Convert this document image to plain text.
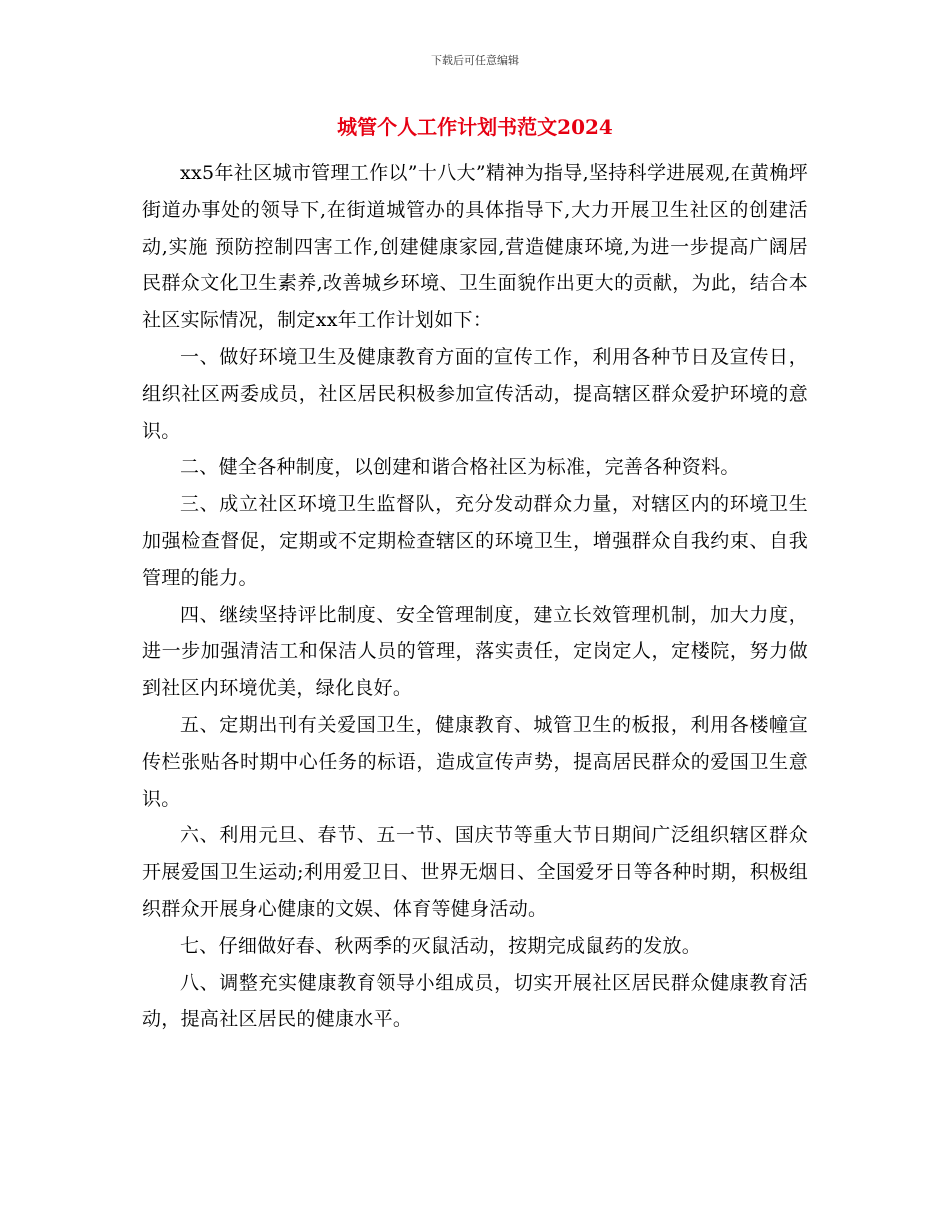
下载后可任意编辑
城管个人工作计划书范文2024

xx5年社区城市管理工作以”十八大”精神为指导,坚持科学进展观,在黄桷坪街道办事处的领导下,在街道城管办的具体指导下,大力开展卫生社区的创建活动,实施 预防控制四害工作,创建健康家园,营造健康环境,为进一步提高广阔居民群众文化卫生素养,改善城乡环境、卫生面貌作出更大的贡献，为此，结合本社区实际情况，制定xx年工作计划如下：

一、做好环境卫生及健康教育方面的宣传工作，利用各种节日及宣传日，组织社区两委成员，社区居民积极参加宣传活动，提高辖区群众爱护环境的意识。

二、健全各种制度，以创建和谐合格社区为标准，完善各种资料。

三、成立社区环境卫生监督队，充分发动群众力量，对辖区内的环境卫生加强检查督促，定期或不定期检查辖区的环境卫生，增强群众自我约束、自我管理的能力。

四、继续坚持评比制度、安全管理制度，建立长效管理机制，加大力度，进一步加强清洁工和保洁人员的管理，落实责任，定岗定人，定楼院，努力做到社区内环境优美，绿化良好。

五、定期出刊有关爱国卫生，健康教育、城管卫生的板报，利用各楼幢宣传栏张贴各时期中心任务的标语，造成宣传声势，提高居民群众的爱国卫生意识。

六、利用元旦、春节、五一节、国庆节等重大节日期间广泛组织辖区群众开展爱国卫生运动;利用爱卫日、世界无烟日、全国爱牙日等各种时期，积极组织群众开展身心健康的文娱、体育等健身活动。

七、仔细做好春、秋两季的灭鼠活动，按期完成鼠药的发放。

八、调整充实健康教育领导小组成员，切实开展社区居民群众健康教育活动，提高社区居民的健康水平。
